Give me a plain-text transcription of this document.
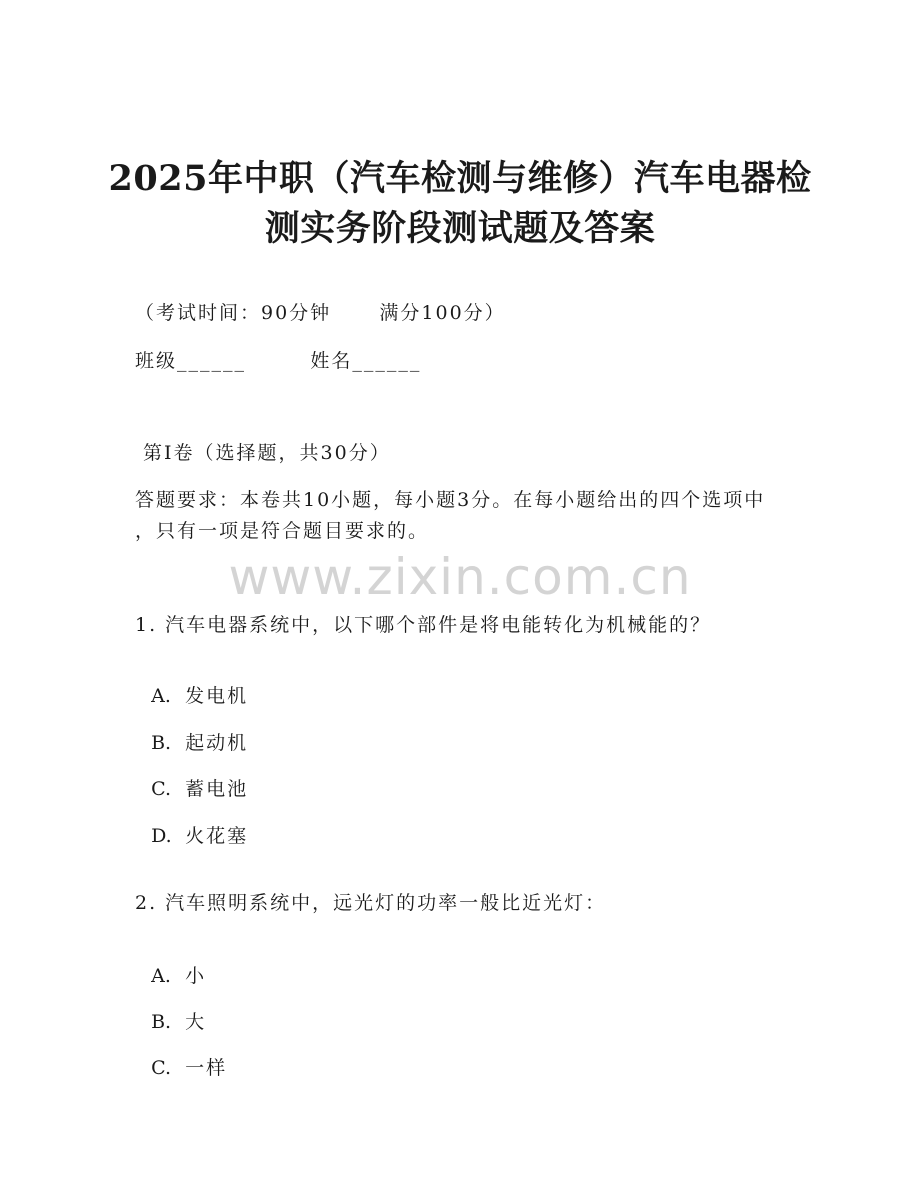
2025年中职（汽车检测与维修）汽车电器检
测实务阶段测试题及答案
（考试时间：90分钟      满分100分）
班级______        姓名______
第Ⅰ卷（选择题，共30分）
答题要求：本卷共10小题，每小题3分。在每小题给出的四个选项中
，只有一项是符合题目要求的。
www.zixin.com.cn
1. 汽车电器系统中，以下哪个部件是将电能转化为机械能的？

A. 发电机

B. 起动机

C. 蓄电池

D. 火花塞

2. 汽车照明系统中，远光灯的功率一般比近光灯：

A. 小

B. 大

C. 一样
